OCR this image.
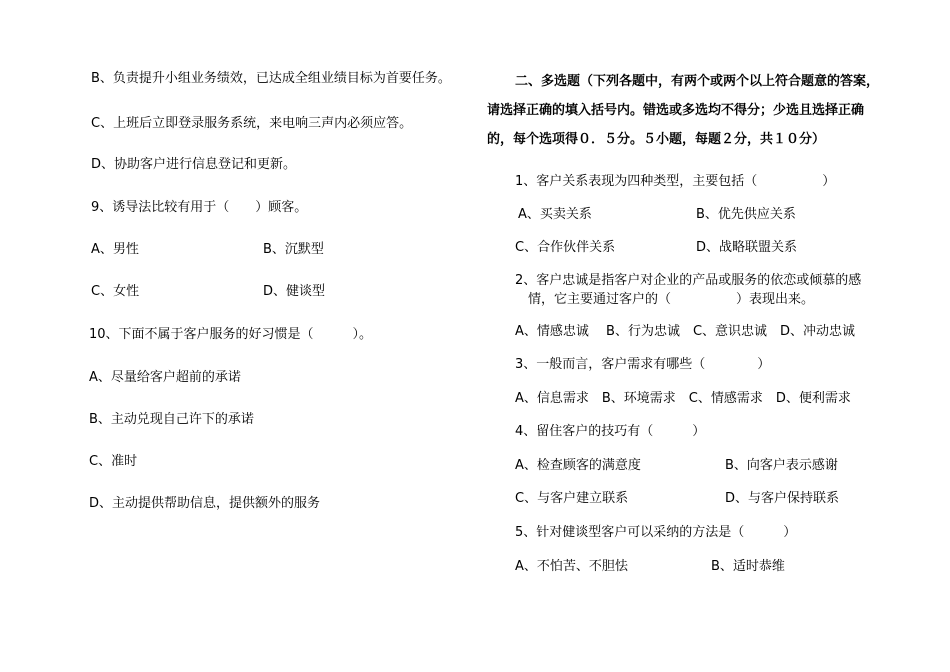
B、负责提升小组业务绩效，已达成全组业绩目标为首要任务。
C、上班后立即登录服务系统，来电响三声内必须应答。
D、协助客户进行信息登记和更新。
9、诱导法比较有用于（　　）顾客。
A、男性	B、沉默型
C、女性	D、健谈型
10、下面不属于客户服务的好习惯是（　　　）。
A、尽量给客户超前的承诺
B、主动兑现自己许下的承诺
C、准时
D、主动提供帮助信息，提供额外的服务
二、多选题（下列各题中，有两个或两个以上符合题意的答案，
请选择正确的填入括号内。错选或多选均不得分；少选且选择正确
的，每个选项得０．５分。５小题，每题２分，共１０分）
1、客户关系表现为四种类型，主要包括（　　　　　）
A、买卖关系	B、优先供应关系
C、合作伙伴关系	D、战略联盟关系
2、客户忠诚是指客户对企业的产品或服务的依恋或倾慕的感
情，它主要通过客户的（　　　　　）表现出来。
A、情感忠诚　 B、行为忠诚　C、意识忠诚　D、冲动忠诚
3、一般而言，客户需求有哪些（　　　　）
A、信息需求　B、环境需求　C、情感需求　D、便利需求
4、留住客户的技巧有（　　　）
A、检查顾客的满意度	B、向客户表示感谢
C、与客户建立联系	D、与客户保持联系
5、针对健谈型客户可以采纳的方法是（　　　）
A、不怕苦、不胆怯	B、适时恭维
